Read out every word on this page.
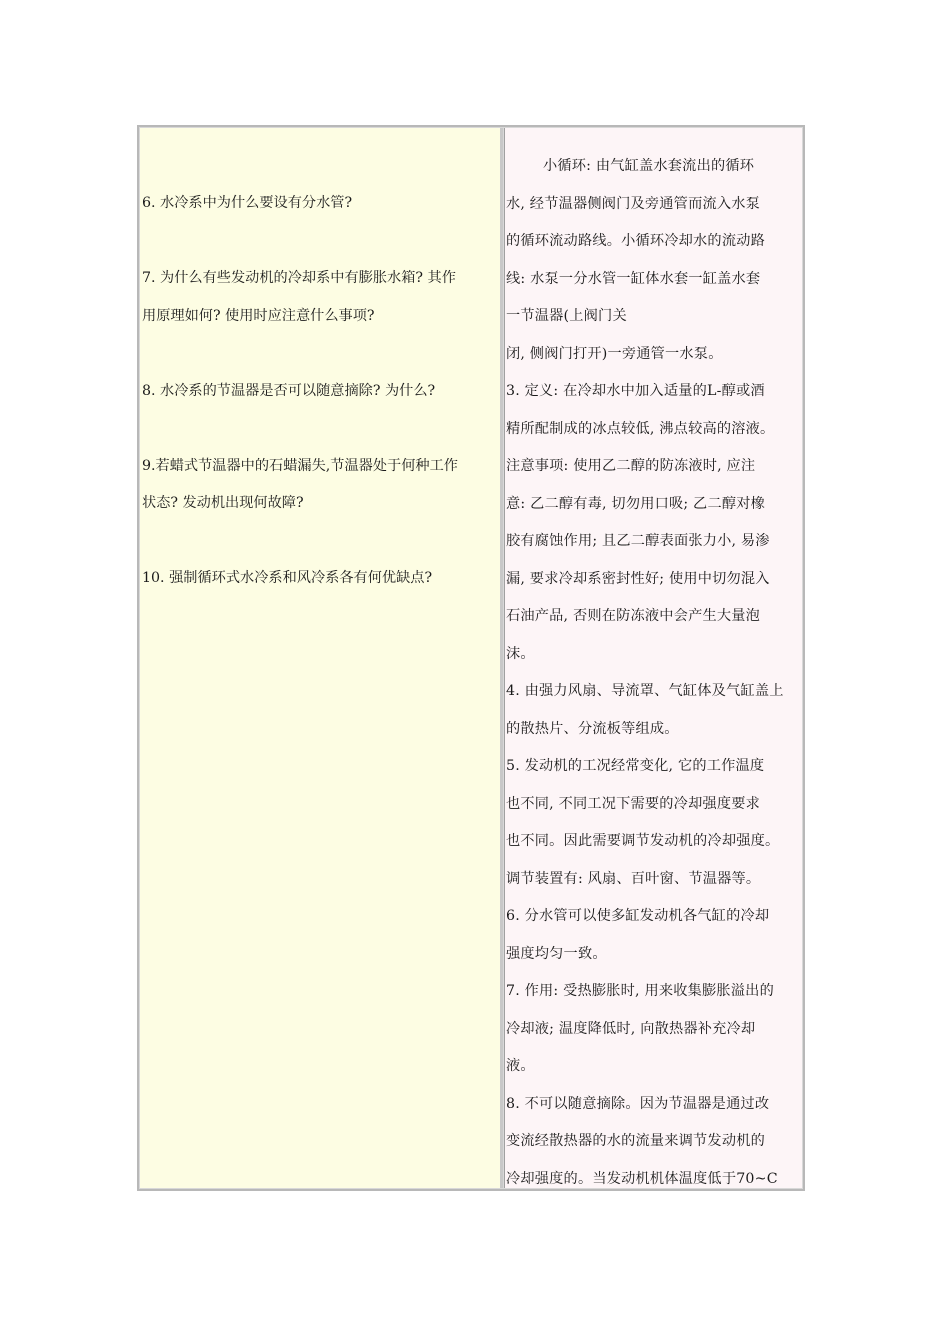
6. 水冷系中为什么要设有分水管?
7. 为什么有些发动机的冷却系中有膨胀水箱? 其作
用原理如何? 使用时应注意什么事项?
8. 水冷系的节温器是否可以随意摘除? 为什么?
9.若蜡式节温器中的石蜡漏失,节温器处于何种工作
状态? 发动机出现何故障?
10. 强制循环式水冷系和风冷系各有何优缺点?
小循环: 由气缸盖水套流出的循环
水, 经节温器侧阀门及旁通管而流入水泵
的循环流动路线。小循环冷却水的流动路
线: 水泵一分水管一缸体水套一缸盖水套
一节温器(上阀门关
闭, 侧阀门打开)一旁通管一水泵。
3. 定义: 在冷却水中加入适量的L-醇或酒
精所配制成的冰点较低, 沸点较高的溶液。
注意事项: 使用乙二醇的防冻液时, 应注
意: 乙二醇有毒, 切勿用口吸; 乙二醇对橡
胶有腐蚀作用; 且乙二醇表面张力小, 易渗
漏, 要求冷却系密封性好; 使用中切勿混入
石油产品, 否则在防冻液中会产生大量泡
沫。
4. 由强力风扇、导流罩、气缸体及气缸盖上
的散热片、分流板等组成。
5. 发动机的工况经常变化, 它的工作温度
也不同, 不同工况下需要的冷却强度要求
也不同。因此需要调节发动机的冷却强度。
调节装置有: 风扇、百叶窗、节温器等。
6. 分水管可以使多缸发动机各气缸的冷却
强度均匀一致。
7. 作用: 受热膨胀时, 用来收集膨胀溢出的
冷却液; 温度降低时, 向散热器补充冷却
液。
8. 不可以随意摘除。因为节温器是通过改
变流经散热器的水的流量来调节发动机的
冷却强度的。当发动机机体温度低于70~C
